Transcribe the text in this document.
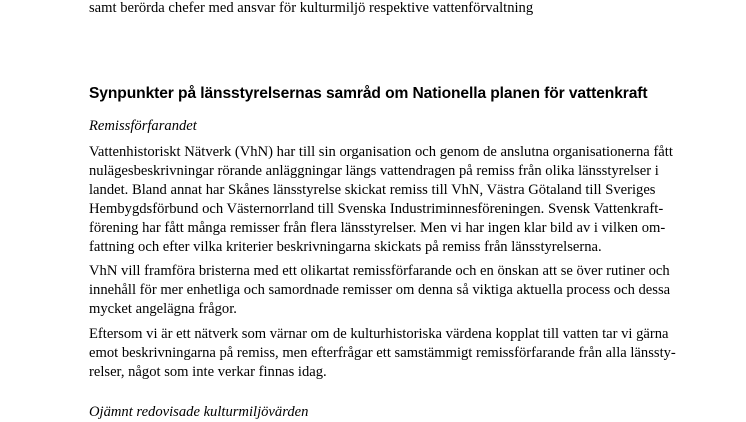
samt berörda chefer med ansvar för kulturmiljö respektive vattenförvaltning
Synpunkter på länsstyrelsernas samråd om Nationella planen för vattenkraft
Remissförfarandet
Vattenhistoriskt Nätverk (VhN) har till sin organisation och genom de anslutna organisationerna fått
nulägesbeskrivningar rörande anläggningar längs vattendragen på remiss från olika länsstyrelser i
landet. Bland annat har Skånes länsstyrelse skickat remiss till VhN, Västra Götaland till Sveriges
Hembygdsförbund och Västernorrland till Svenska Industriminnesföreningen. Svensk Vattenkraft-
förening har fått många remisser från flera länsstyrelser. Men vi har ingen klar bild av i vilken om-
fattning och efter vilka kriterier beskrivningarna skickats på remiss från länsstyrelserna.
VhN vill framföra bristerna med ett olikartat remissförfarande och en önskan att se över rutiner och
innehåll för mer enhetliga och samordnade remisser om denna så viktiga aktuella process och dessa
mycket angelägna frågor.
Eftersom vi är ett nätverk som värnar om de kulturhistoriska värdena kopplat till vatten tar vi gärna
emot beskrivningarna på remiss, men efterfrågar ett samstämmigt remissförfarande från alla länssty-
relser, något som inte verkar finnas idag.
Ojämnt redovisade kulturmiljövärden
